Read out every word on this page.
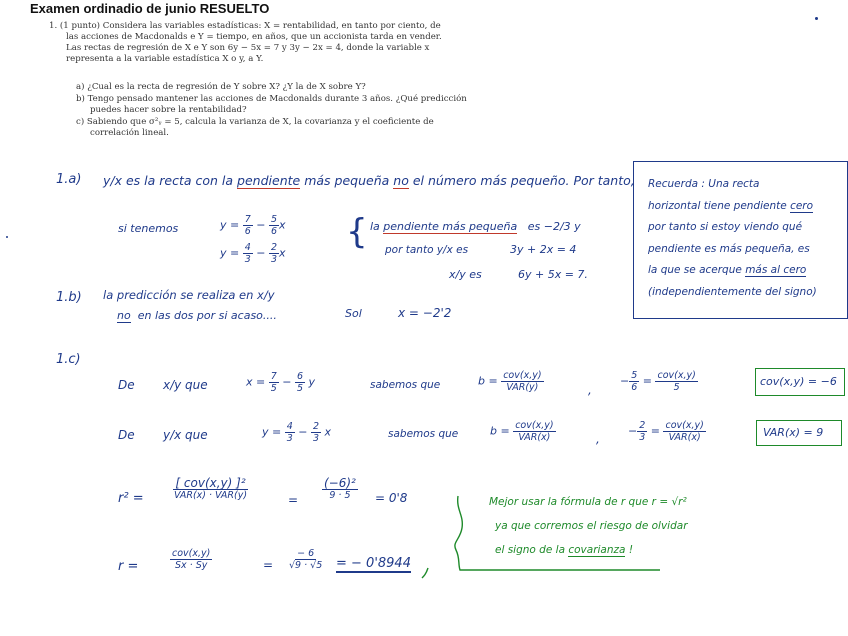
Examen ordinadio de junio RESUELTO
1. (1 punto) Considera las variables estadísticas: X = rentabilidad, en tanto por ciento, de
las acciones de Macdonalds e Y = tiempo, en años, que un accionista tarda en vender.
Las rectas de regresión de X e Y son 6y − 5x = 7 y 3y − 2x = 4, donde la variable x
representa a la variable estadística X o y, a Y.
a) ¿Cual es la recta de regresión de Y sobre X? ¿Y la de X sobre Y?
b) Tengo pensado mantener las acciones de Macdonalds durante 3 años. ¿Qué predicción
puedes hacer sobre la rentabilidad?
c) Sabiendo que σ²ᵧ = 5, calcula la varianza de X, la covarianza y el coeficiente de
correlación lineal.
1.a) y/x es la recta con la pendiente más pequeña no el número más pequeño. Por tanto,
si tenemos	$y = \frac{7}{6} - \frac{5}{6}$ x
$y = \frac{4}{3} - \frac{2}{3}$ x
{ la pendiente más pequeña es −2/3 y
por tanto y/x es	3y + 2x = 4
x/y es	6y + 5x = 7.
Recuerda : Una recta
horizontal tiene pendiente cero
por tanto si estoy viendo qué
pendiente es más pequeña, es
la que se acerque más al cero
(independientemente del signo)
1.b) la predicción se realiza en x/y
no en las dos por si acaso....	Sol	x = −2'2
1.c)
De x/y que	$x = \frac{7}{5} - \frac{6}{5}$ y	sabemos que	$b = \frac{\text{cov(x,y)}}{\text{VAR(y)}}$	,
− $\frac{5}{6} = \frac{\text{cov(x,y)}}{5}$	cov(x,y) = −6
De y/x que	$y = \frac{4}{3} - \frac{2}{3}$ x	sabemos que	$b = \frac{\text{cov(x,y)}}{\text{VAR(x)}}$	,
− $\frac{2}{3} = \frac{\text{cov(x,y)}}{\text{VAR(x)}}$	VAR(x) = 9
$r^2 = \frac{\text{[ cov(x,y) ]²}}{\text{VAR(x) · VAR(y)}}$	= $\frac{\text{(−6)²}}{9 \cdot 5} = 0'8$
r =	$\frac{\text{cov(x,y)}}{Sx \cdot Sy}$	= $\frac{- 6}{√9 \cdot √5}$ = − 0'8944
Mejor usar la fórmula de r que r = √r²
ya que corremos el riesgo de olvidar
el signo de la covarianza !
